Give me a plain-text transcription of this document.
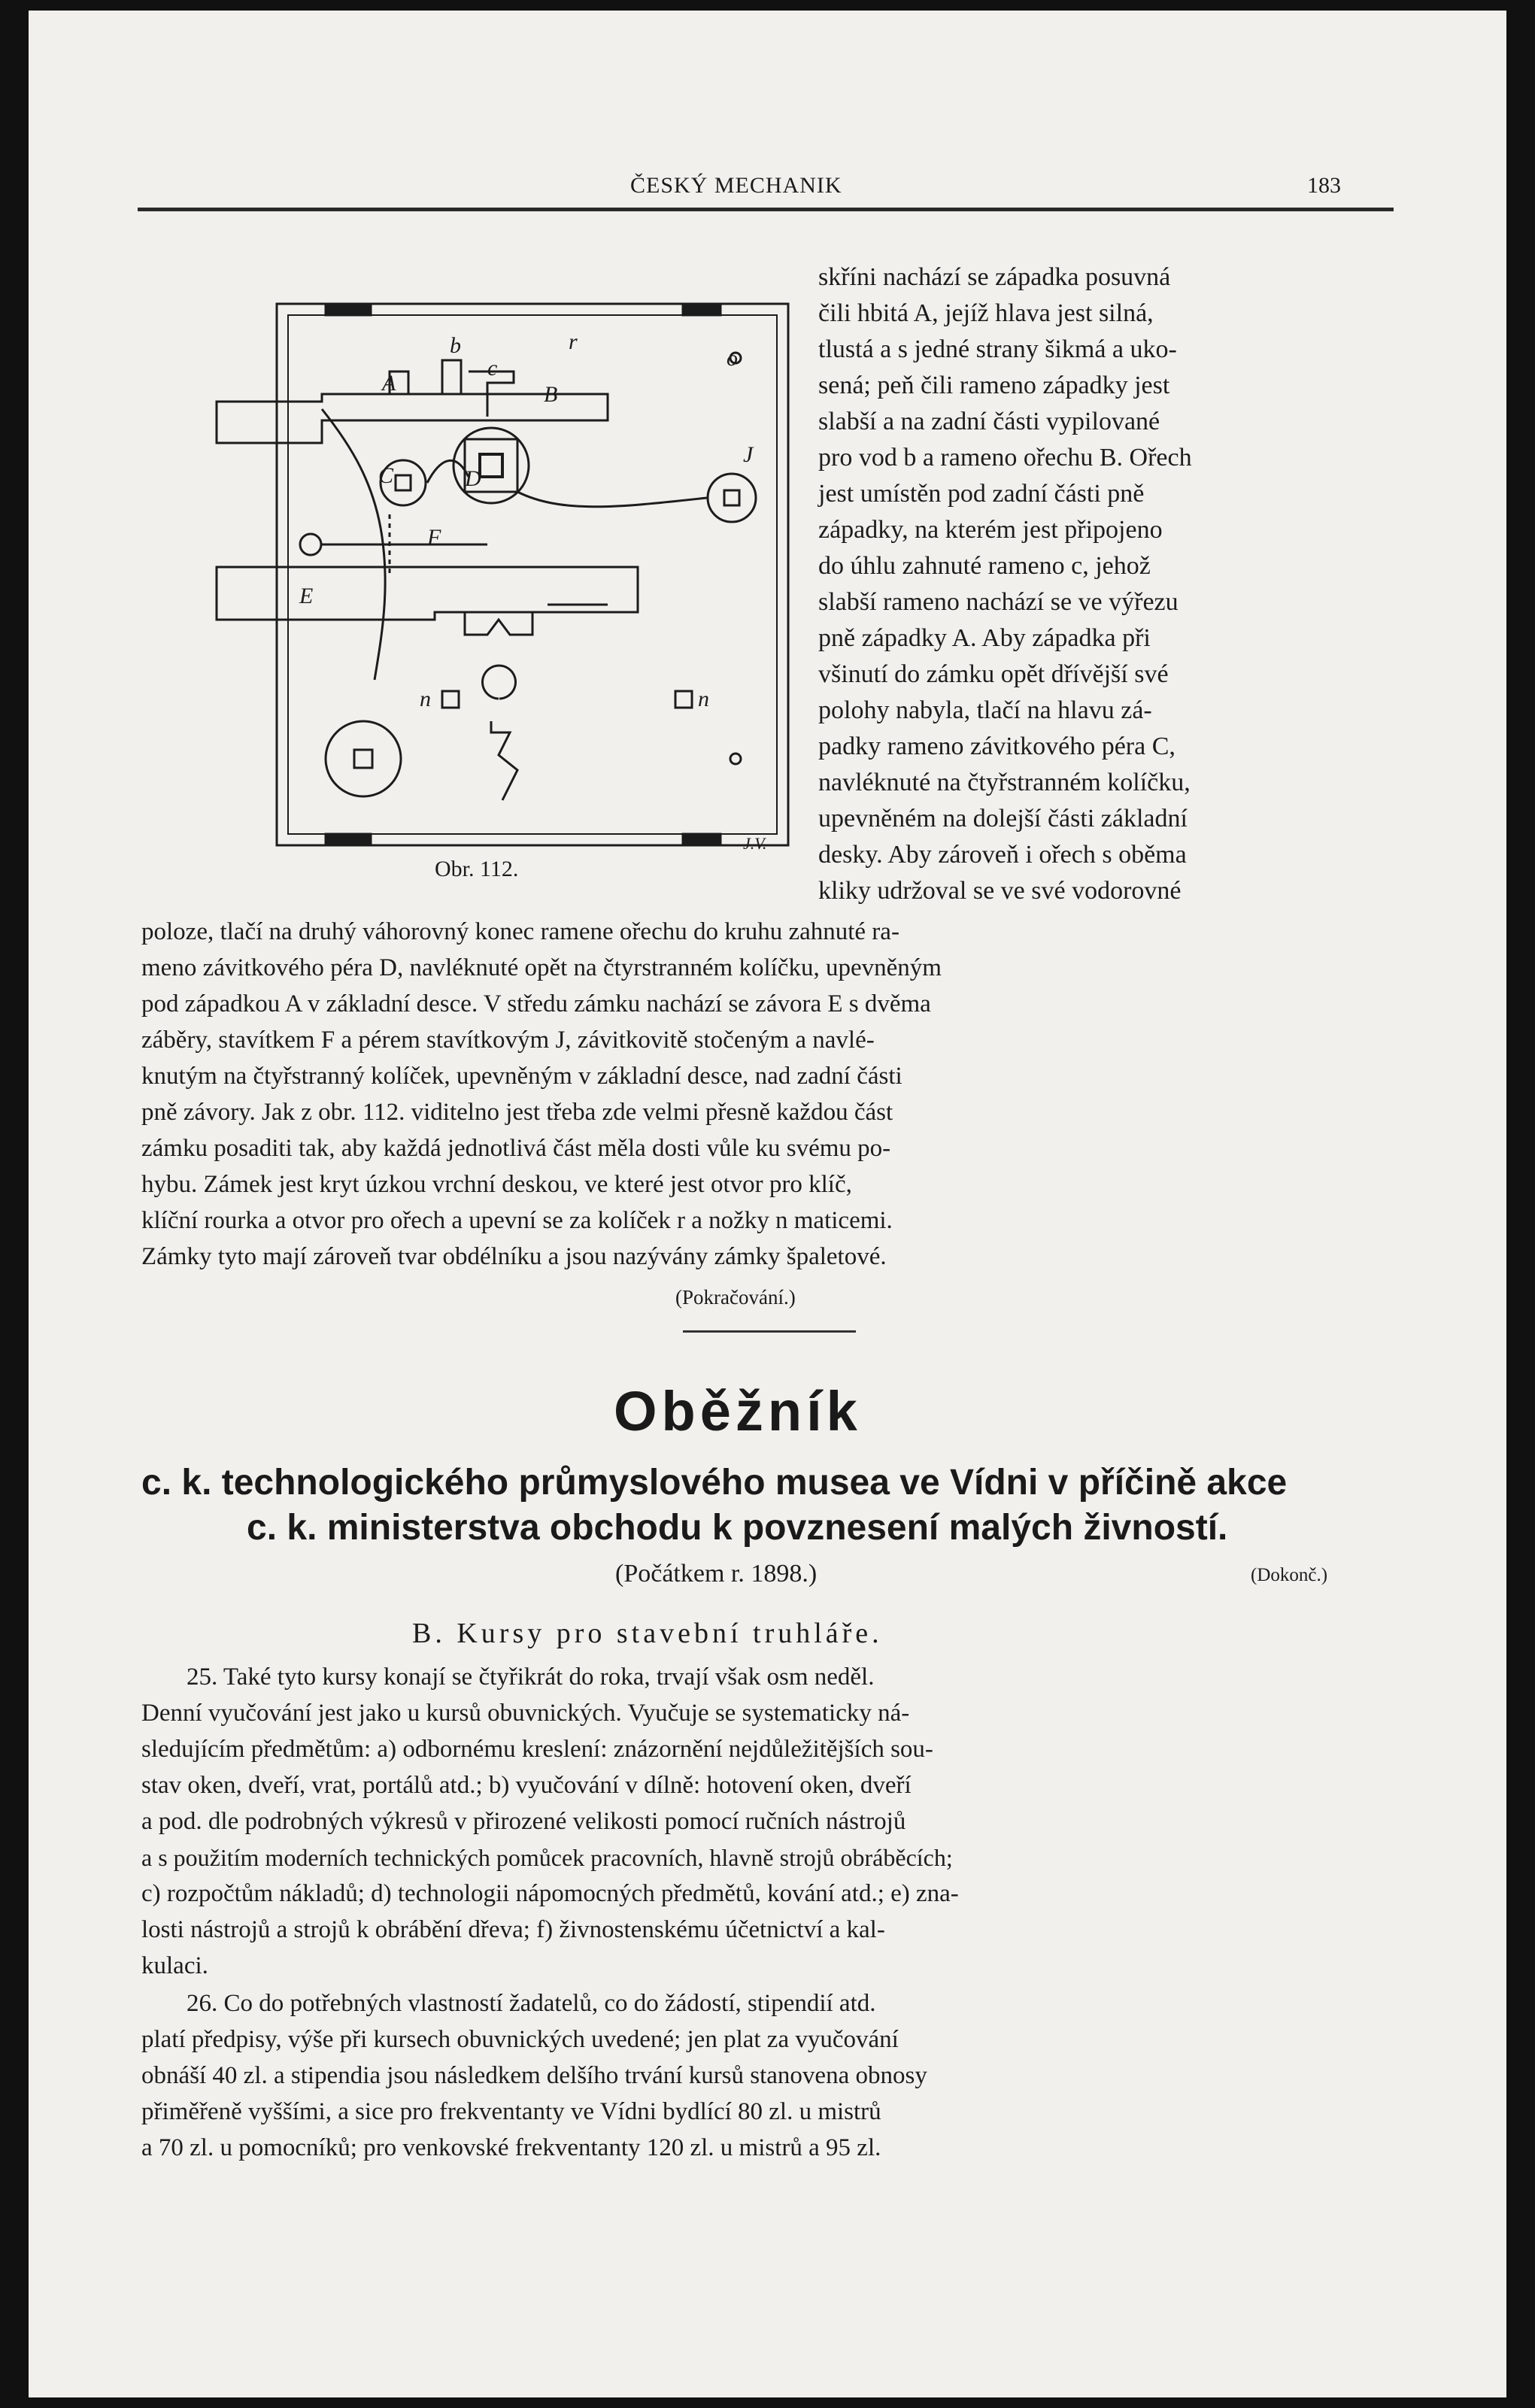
ČESKÝ MECHANIK	183
A
b
c
B
r
o
C	D
J
F
E
n	n
J.V.
Obr. 112.
skříni nachází se západka posuvná
čili hbitá A, jejíž hlava jest silná,
tlustá a s jedné strany šikmá a uko-
sená; peň čili rameno západky jest
slabší a na zadní části vypilované
pro vod b a rameno ořechu B. Ořech
jest umístěn pod zadní části pně
západky, na kterém jest připojeno
do úhlu zahnuté rameno c, jehož
slabší rameno nachází se ve výřezu
pně západky A. Aby západka při
všinutí do zámku opět dřívější své
polohy nabyla, tlačí na hlavu zá-
padky rameno závitkového péra C,
navléknuté na čtyřstranném kolíčku,
upevněném na dolejší části základní
desky. Aby zároveň i ořech s oběma
kliky udržoval se ve své vodorovné
poloze, tlačí na druhý váhorovný konec ramene ořechu do kruhu zahnuté ra-
meno závitkového péra D, navléknuté opět na čtyrstranném kolíčku, upevněným
pod západkou A v základní desce. V středu zámku nachází se závora E s dvěma
záběry, stavítkem F a pérem stavítkovým J, závitkovitě stočeným a navlé-
knutým na čtyřstranný kolíček, upevněným v základní desce, nad zadní části
pně závory. Jak z obr. 112. viditelno jest třeba zde velmi přesně každou část
zámku posaditi tak, aby každá jednotlivá část měla dosti vůle ku svému po-
hybu. Zámek jest kryt úzkou vrchní deskou, ve které jest otvor pro klíč,
klíční rourka a otvor pro ořech a upevní se za kolíček r a nožky n maticemi.
Zámky tyto mají zároveň tvar obdélníku a jsou nazývány zámky špaletové.
(Pokračování.)
Oběžník
c. k. technologického průmyslového musea ve Vídni v příčině akce
c. k. ministerstva obchodu k povznesení malých živností.
(Počátkem r. 1898.)	(Dokonč.)
B. Kursy pro stavební truhláře.
25. Také tyto kursy konají se čtyřikrát do roka, trvají však osm neděl.
Denní vyučování jest jako u kursů obuvnických. Vyučuje se systematicky ná-
sledujícím předmětům: a) odbornému kreslení: znázornění nejdůležitějších sou-
stav oken, dveří, vrat, portálů atd.; b) vyučování v dílně: hotovení oken, dveří
a pod. dle podrobných výkresů v přirozené velikosti pomocí ručních nástrojů
a s použitím moderních technických pomůcek pracovních, hlavně strojů obráběcích;
c) rozpočtům nákladů; d) technologii nápomocných předmětů, kování atd.; e) zna-
losti nástrojů a strojů k obrábění dřeva; f) živnostenskému účetnictví a kal-
kulaci.
26. Co do potřebných vlastností žadatelů, co do žádostí, stipendií atd.
platí předpisy, výše při kursech obuvnických uvedené; jen plat za vyučování
obnáší 40 zl. a stipendia jsou následkem delšího trvání kursů stanovena obnosy
přiměřeně vyššími, a sice pro frekventanty ve Vídni bydlící 80 zl. u mistrů
a 70 zl. u pomocníků; pro venkovské frekventanty 120 zl. u mistrů a 95 zl.
